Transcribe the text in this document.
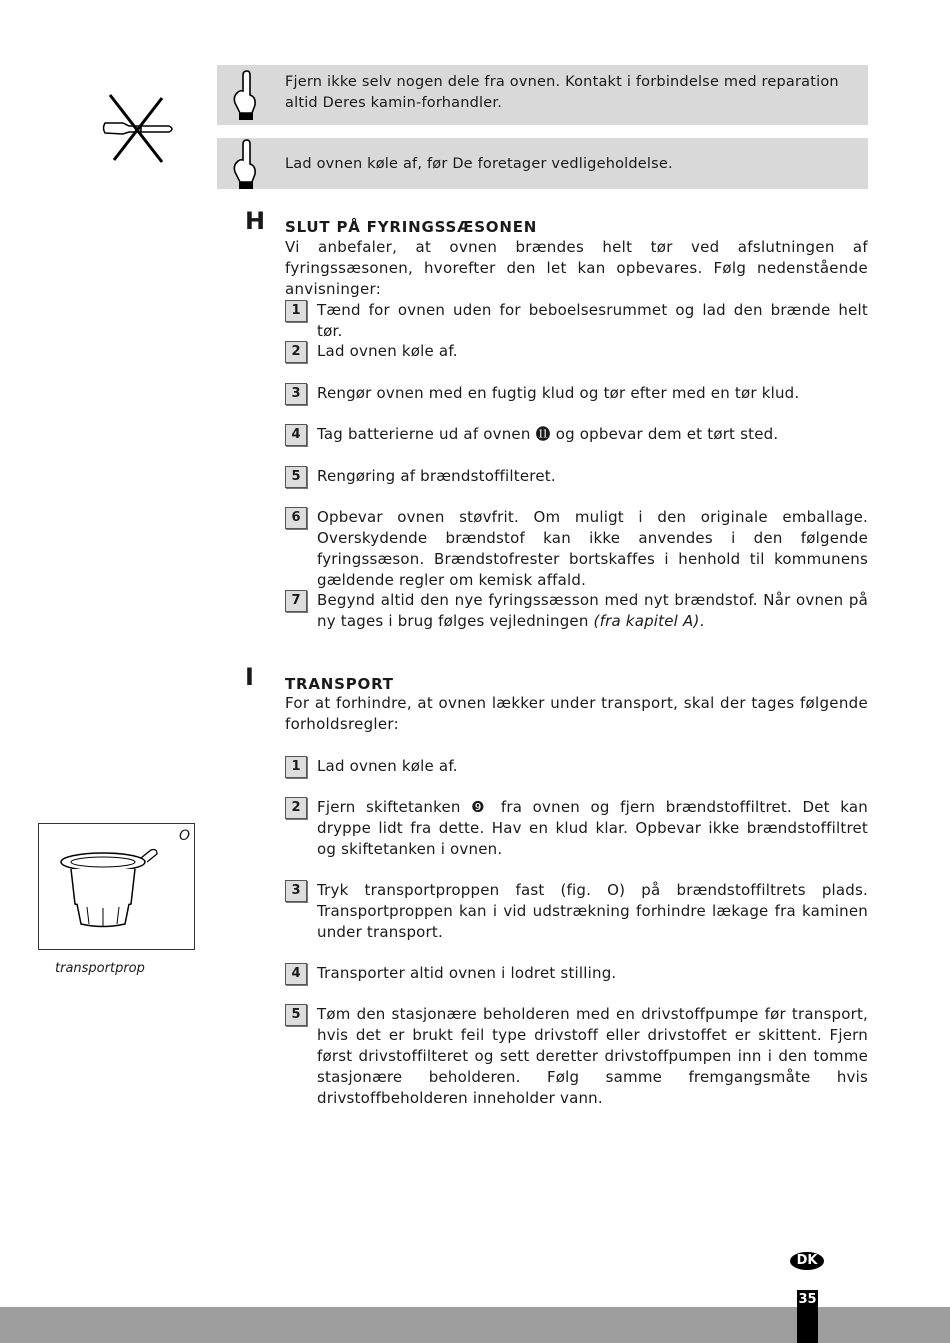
Fjern ikke selv nogen dele fra ovnen. Kontakt i forbindelse med reparation altid Deres kamin-forhandler.
Lad ovnen køle af, før De foretager vedligeholdelse.
H SLUT PÅ FYRINGSSÆSONEN
Vi anbefaler, at ovnen brændes helt tør ved afslutningen af fyringssæsonen, hvorefter den let kan opbevares. Følg nedenstående anvisninger:
1	Tænd for ovnen uden for beboelsesrummet og lad den brænde helt tør.
2	Lad ovnen køle af.
3	Rengør ovnen med en fugtig klud og tør efter med en tør klud.
4	Tag batterierne ud af ovnen ⓫ og opbevar dem et tørt sted.
5	Rengøring af brændstoffilteret.
6	Opbevar ovnen støvfrit. Om muligt i den originale emballage. Overskydende brændstof kan ikke anvendes i den følgende fyringssæson. Brændstofrester bortskaffes i henhold til kommunens gældende regler om kemisk affald.
7	Begynd altid den nye fyringssæsson med nyt brændstof. Når ovnen på ny tages i brug følges vejledningen (fra kapitel A).
I TRANSPORT
For at forhindre, at ovnen lækker under transport, skal der tages følgende forholdsregler:
1	Lad ovnen køle af.
2	Fjern skiftetanken ❾ fra ovnen og fjern brændstoffiltret. Det kan dryppe lidt fra dette. Hav en klud klar. Opbevar ikke brændstoffiltret og skiftetanken i ovnen.
3	Tryk transportproppen fast (fig. O) på brændstoffiltrets plads. Transportproppen kan i vid udstrækning forhindre lækage fra kaminen under transport.
4	Transporter altid ovnen i lodret stilling.
5	Tøm den stasjonære beholderen med en drivstoffpumpe før transport, hvis det er brukt feil type drivstoff eller drivstoffet er skittent. Fjern først drivstoffilteret og sett deretter drivstoffpumpen inn i den tomme stasjonære beholderen. Følg samme fremgangsmåte hvis drivstoffbeholderen inneholder vann.
O
transportprop
DK
35
